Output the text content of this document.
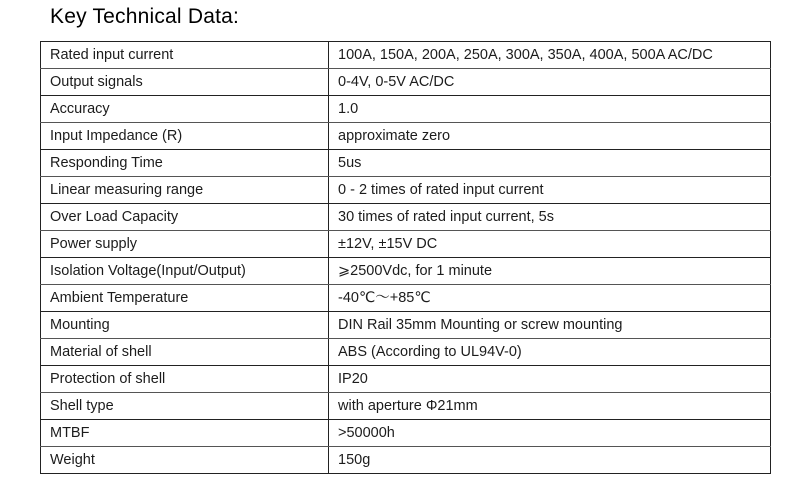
Key Technical Data:
Rated input current	100A, 150A, 200A, 250A, 300A, 350A, 400A, 500A AC/DC
Output signals	0-4V, 0-5V AC/DC
Accuracy	1.0
Input Impedance (R)	approximate zero
Responding Time	5us
Linear measuring range	0 - 2 times of rated input current
Over Load Capacity	30 times of rated input current, 5s
Power supply	±12V, ±15V DC
Isolation Voltage(Input/Output)	⩾2500Vdc, for 1 minute
Ambient Temperature	-40℃～+85℃
Mounting	DIN Rail 35mm Mounting or screw mounting
Material of shell	ABS (According to UL94V-0)
Protection of shell	IP20
Shell type	with aperture Φ21mm
MTBF	>50000h
Weight	150g
